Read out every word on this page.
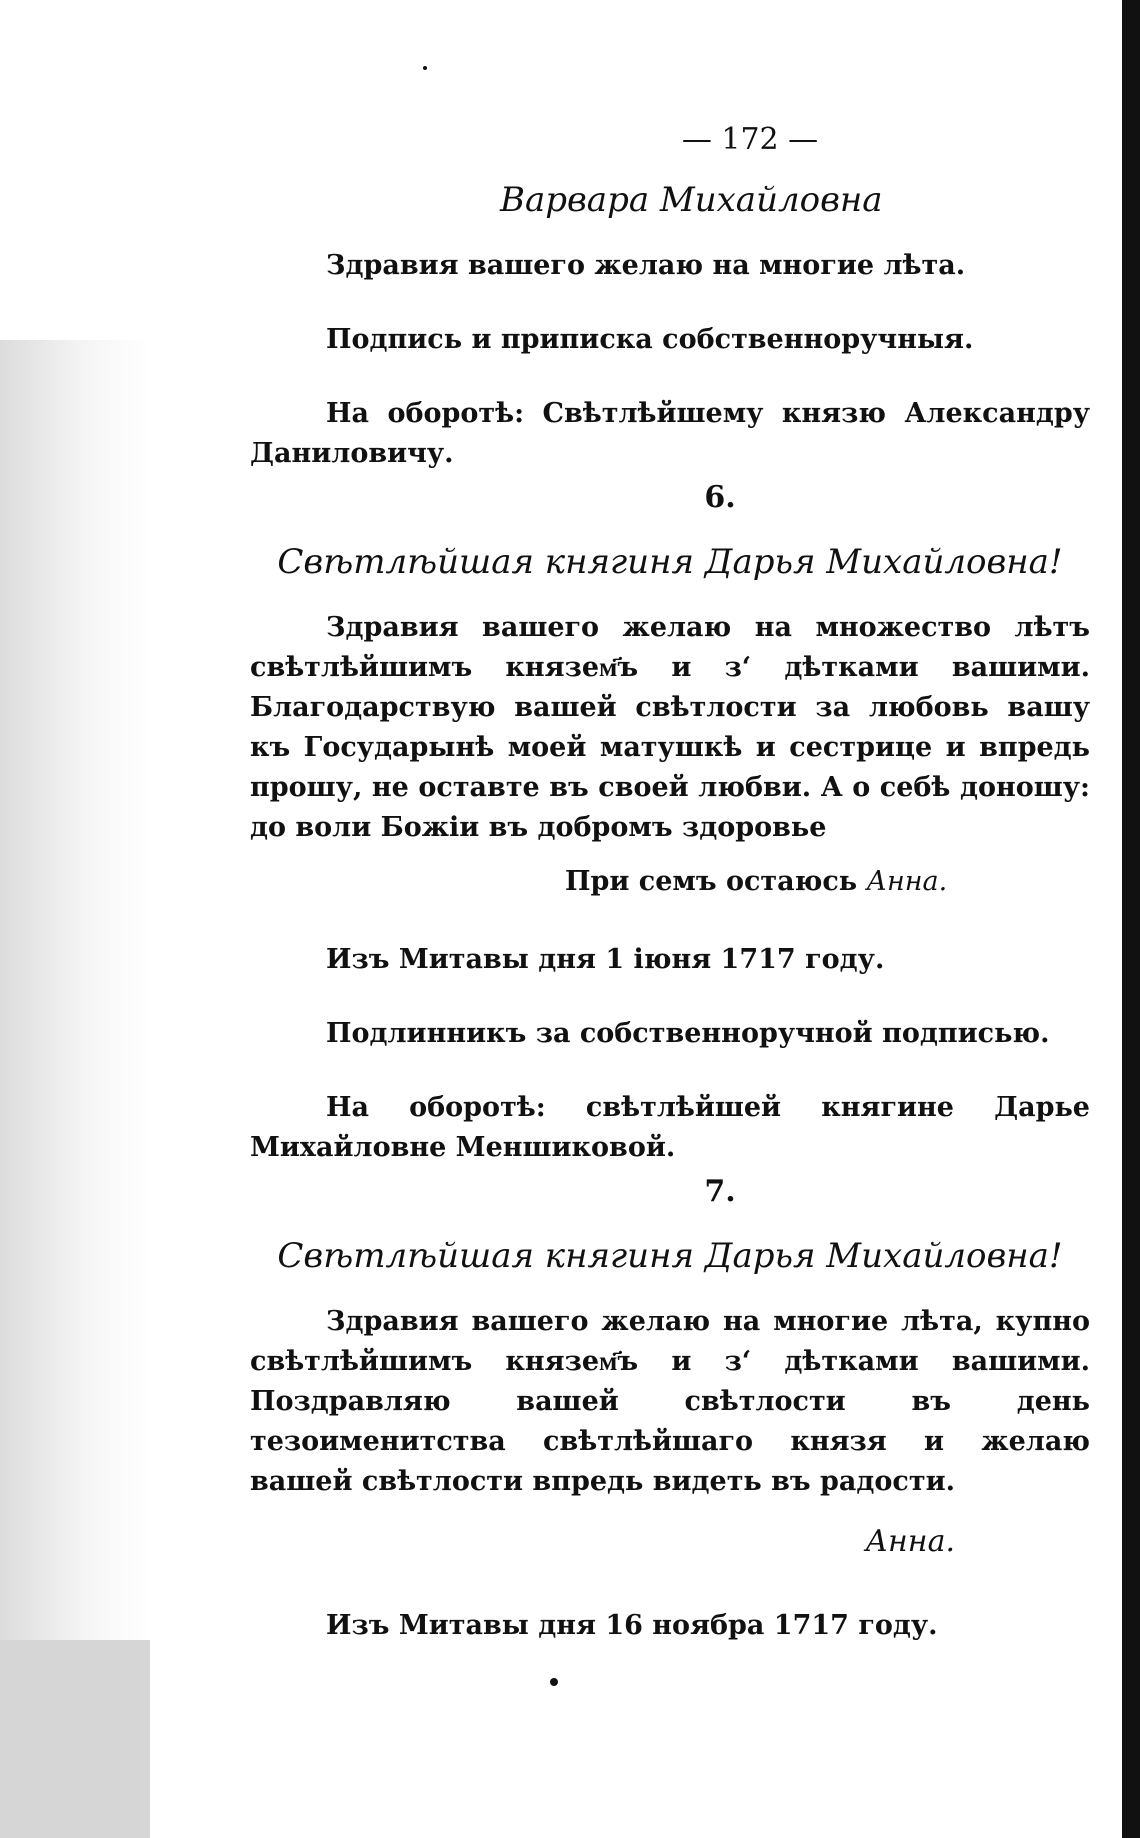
— 172 —
Варвара Михайловна

Здравия вашего желаю на многие лѣта.

Подпись и приписка собственноручныя.

На оборотѣ: Свѣтлѣйшему князю Александру Даниловичу.

6.
Свѣтлѣйшая княгиня Дарья Михайловна!

Здравия вашего желаю на множество лѣтъ свѣтлѣйшимъ князем҃ъ и з‘ дѣтками вашими. Благодарствую вашей свѣтлости за любовь вашу къ Государынѣ моей матушкѣ и сестрице и впредь прошу, не оставте въ своей любви. А о себѣ доношу: до воли Божіи въ добромъ здоровье

При семъ остаюсь Анна.

Изъ Митавы дня 1 іюня 1717 году.

Подлинникъ за собственноручной подписью.

На оборотѣ: свѣтлѣйшей княгине Дарье Михайловне Меншиковой.

7.
Свѣтлѣйшая княгиня Дарья Михайловна!

Здравия вашего желаю на многие лѣта, купно свѣтлѣйшимъ князем҃ъ и з‘ дѣтками вашими. Поздравляю вашей свѣтлости въ день тезоименитства свѣтлѣйшаго князя и желаю вашей свѣтлости впредь видеть въ радости.

Анна.

Изъ Митавы дня 16 ноябра 1717 году.
